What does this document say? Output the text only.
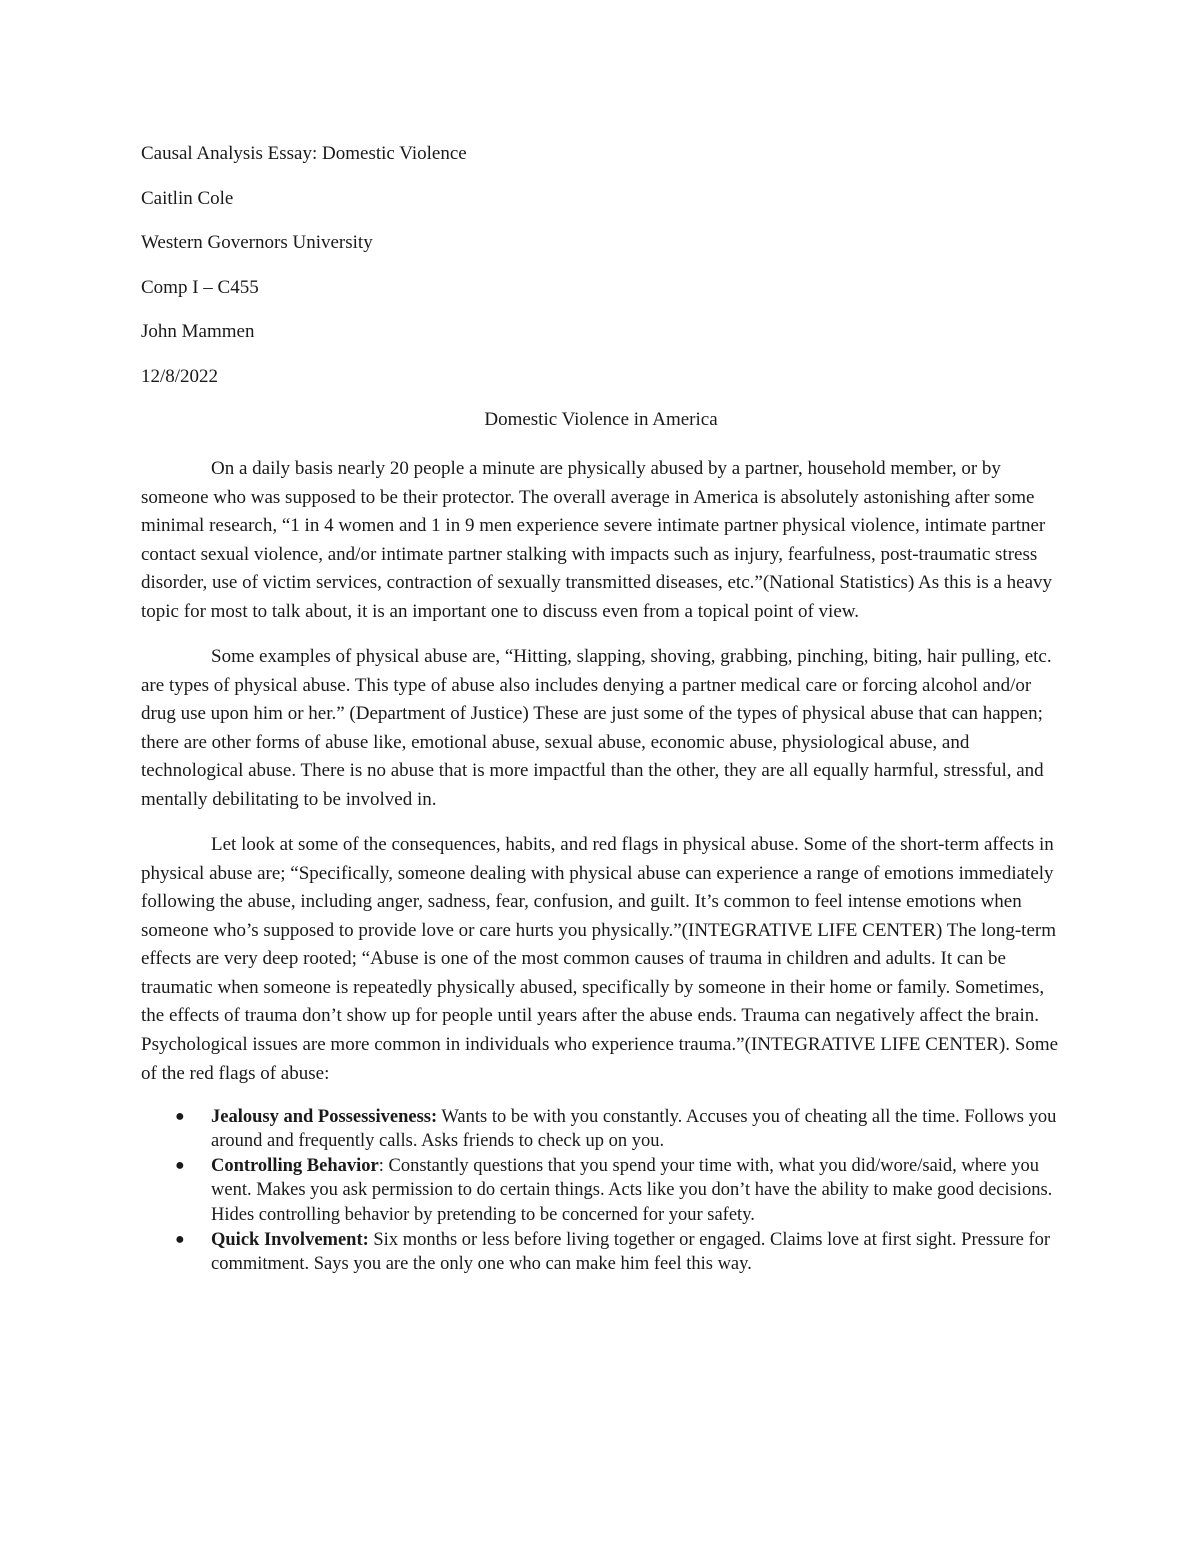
Causal Analysis Essay: Domestic Violence
Caitlin Cole
Western Governors University
Comp I – C455
John Mammen
12/8/2022
Domestic Violence in America

On a daily basis nearly 20 people a minute are physically abused by a partner, household member, or by someone who was supposed to be their protector. The overall average in America is absolutely astonishing after some minimal research, “1 in 4 women and 1 in 9 men experience severe intimate partner physical violence, intimate partner contact sexual violence, and/or intimate partner stalking with impacts such as injury, fearfulness, post-traumatic stress disorder, use of victim services, contraction of sexually transmitted diseases, etc.”(National Statistics) As this is a heavy topic for most to talk about, it is an important one to discuss even from a topical point of view.

Some examples of physical abuse are, “Hitting, slapping, shoving, grabbing, pinching, biting, hair pulling, etc. are types of physical abuse. This type of abuse also includes denying a partner medical care or forcing alcohol and/or drug use upon him or her.” (Department of Justice) These are just some of the types of physical abuse that can happen; there are other forms of abuse like, emotional abuse, sexual abuse, economic abuse, physiological abuse, and technological abuse. There is no abuse that is more impactful than the other, they are all equally harmful, stressful, and mentally debilitating to be involved in.

Let look at some of the consequences, habits, and red flags in physical abuse. Some of the short-term affects in physical abuse are; “Specifically, someone dealing with physical abuse can experience a range of emotions immediately following the abuse, including anger, sadness, fear, confusion, and guilt. It’s common to feel intense emotions when someone who’s supposed to provide love or care hurts you physically.”(INTEGRATIVE LIFE CENTER) The long-term effects are very deep rooted; “Abuse is one of the most common causes of trauma in children and adults. It can be traumatic when someone is repeatedly physically abused, specifically by someone in their home or family. Sometimes, the effects of trauma don’t show up for people until years after the abuse ends. Trauma can negatively affect the brain. Psychological issues are more common in individuals who experience trauma.”(INTEGRATIVE LIFE CENTER). Some of the red flags of abuse:

● Jealousy and Possessiveness: Wants to be with you constantly. Accuses you of cheating all the time. Follows you around and frequently calls. Asks friends to check up on you.
● Controlling Behavior: Constantly questions that you spend your time with, what you did/wore/said, where you went. Makes you ask permission to do certain things. Acts like you don’t have the ability to make good decisions. Hides controlling behavior by pretending to be concerned for your safety.
● Quick Involvement: Six months or less before living together or engaged. Claims love at first sight. Pressure for commitment. Says you are the only one who can make him feel this way.
